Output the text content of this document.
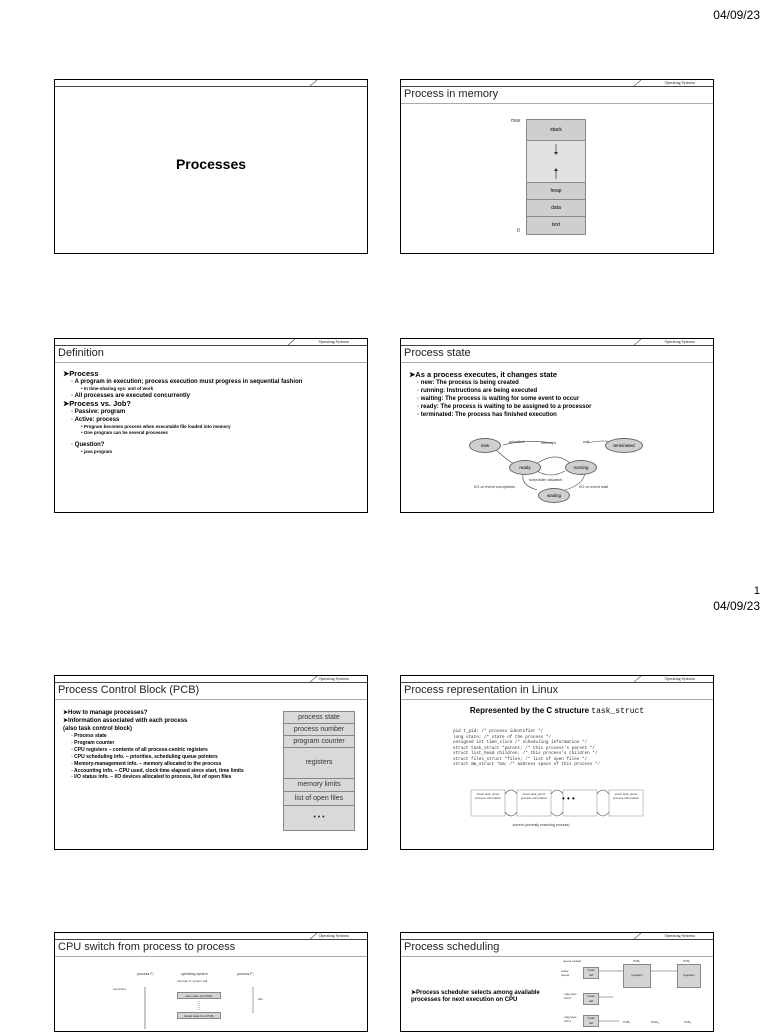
04/09/23
1
04/09/23
Processes
Operating Systems
Process in memory
max
0
stack
heap
data
text
Operating Systems
Definition
➤Process
◦ A program in execution; process execution must progress in sequential fashion
• In time-sharing sys: unit of work
◦ All processes are executed concurrently
➤Process vs. Job?
◦ Passive: program
◦ Active: process
• Program becomes process when executable file loaded into memory
• One program can be several processes
◦ Question?
• java program
Operating Systems
Process state
➤As a process executes, it changes state
◦ new: The process is being created
◦ running: Instructions are being executed
◦ waiting: The process is waiting for some event to occur
◦ ready: The process is waiting to be assigned to a processor
◦ terminated: The process has finished execution
new	terminated
ready	running
waiting
admitted	interrupt	exit
scheduler dispatch
I/O or event completion	I/O or event wait
Operating Systems
Process Control Block (PCB)
➤How to manage processes?
➤Information associated with each process
(also task control block)
◦ Process state
◦ Program counter
◦ CPU registers – contents of all process-centric registers
◦ CPU scheduling info. – priorities, scheduling queue pointers
◦ Memory-management info. – memory allocated to the process
◦ Accounting info. – CPU used, clock time elapsed since start, time limits
◦ I/O status info. – I/O devices allocated to process, list of open files
process state
process number
program counter
registers
memory limits
list of open files
• • •
Operating Systems
Process representation in Linux
Represented by the C structure task_struct
pid t_pid; /* process identifier */
long state; /* state of the process */
unsigned int time_slice /* scheduling information */
struct task_struct *parent; /* this process's parent */
struct list_head children; /* this process's children */
struct files_struct *files; /* list of open files */
struct mm_struct *mm; /* address space of this process */
struct task_struct process information
struct task_struct process information
struct task_struct process information
• • •
current (currently executing process)
Operating Systems
CPU switch from process to process
process P₀	operating system	process P₁
interrupt or system call
executing
save state into PCB₀
reload state from PCB₁
idle
Operating Systems
Process scheduling
➤Process scheduler selects among available processes for next execution on CPU
queue header	PCB₇	PCB₂
ready queue
head
tail	registers	registers
mag tape unit 0	head
tail
mag tape unit 1
head
tail	PCB₃	PCB₁₄	PCB₆
